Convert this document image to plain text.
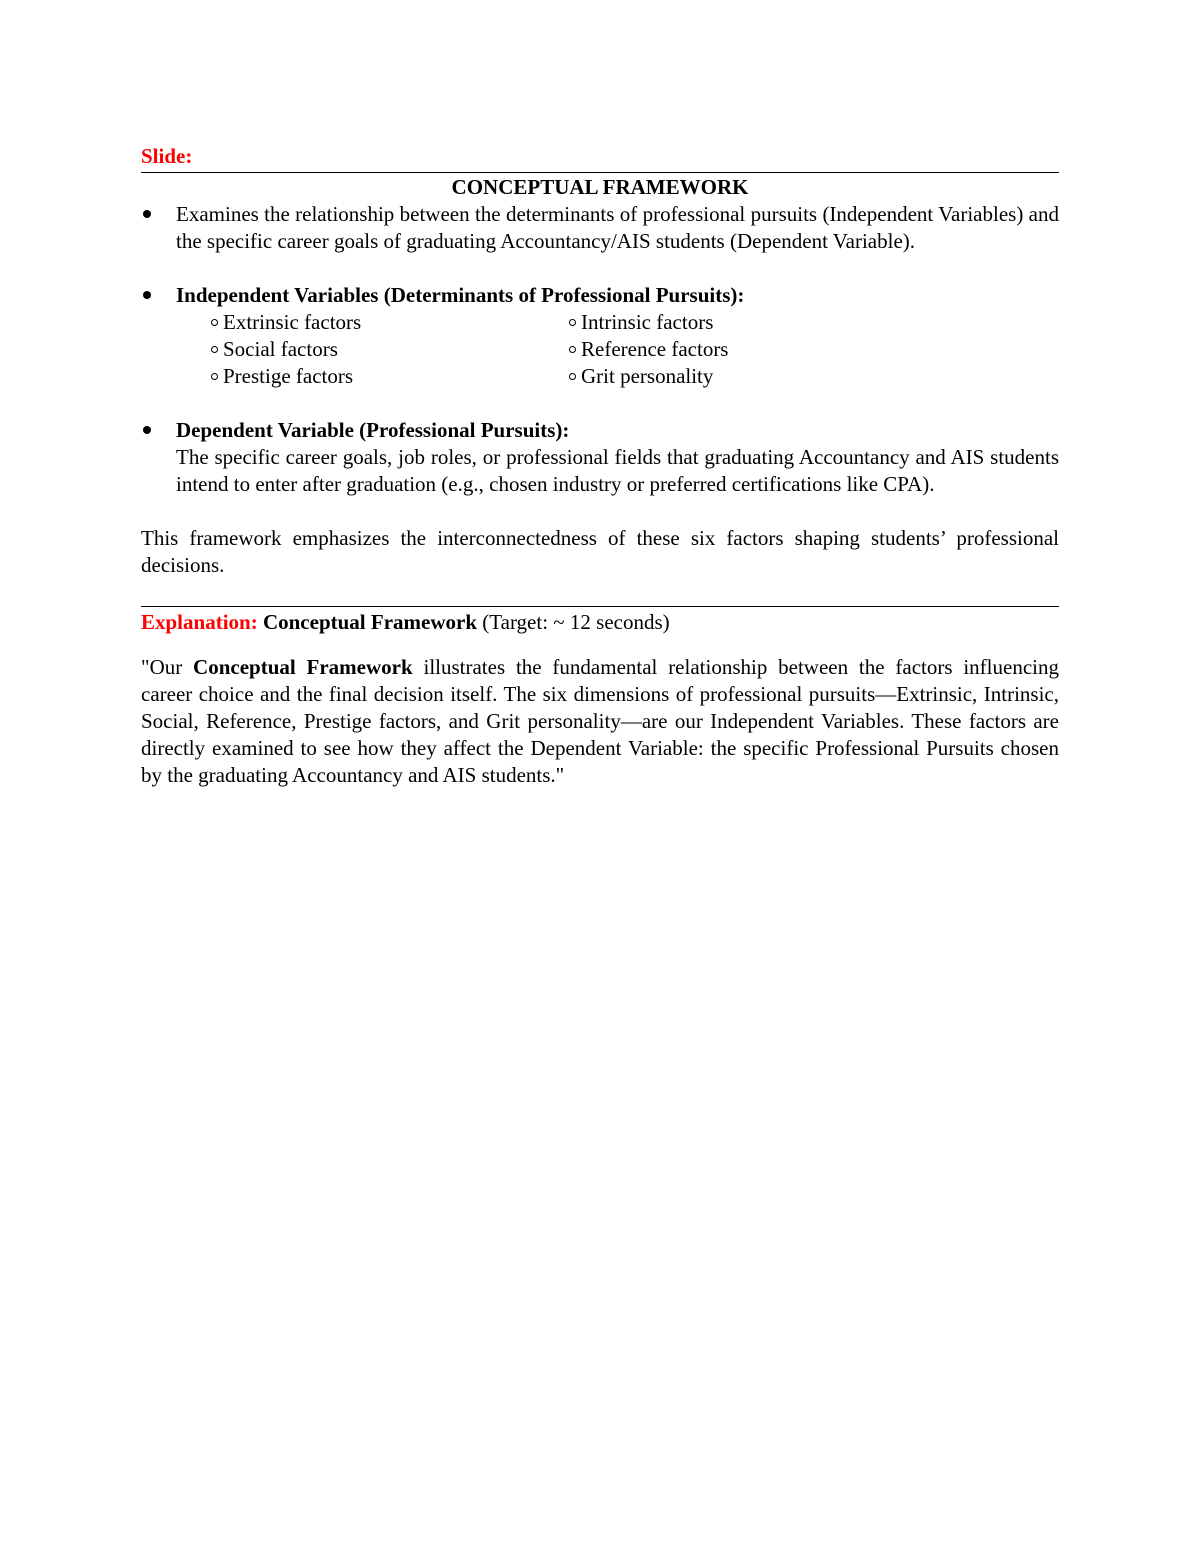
Slide:
CONCEPTUAL FRAMEWORK
Examines the relationship between the determinants of professional pursuits (Independent Variables) and the specific career goals of graduating Accountancy/AIS students (Dependent Variable).
Independent Variables (Determinants of Professional Pursuits):
Extrinsic factors	Intrinsic factors
Social factors	Reference factors
Prestige factors	Grit personality
Dependent Variable (Professional Pursuits):
The specific career goals, job roles, or professional fields that graduating Accountancy and AIS students intend to enter after graduation (e.g., chosen industry or preferred certifications like CPA).

This framework emphasizes the interconnectedness of these six factors shaping students’ professional decisions.

Explanation: Conceptual Framework (Target: ~ 12 seconds)

"Our Conceptual Framework illustrates the fundamental relationship between the factors influencing career choice and the final decision itself. The six dimensions of professional pursuits—Extrinsic, Intrinsic, Social, Reference, Prestige factors, and Grit personality—are our Independent Variables. These factors are directly examined to see how they affect the Dependent Variable: the specific Professional Pursuits chosen by the graduating Accountancy and AIS students."
